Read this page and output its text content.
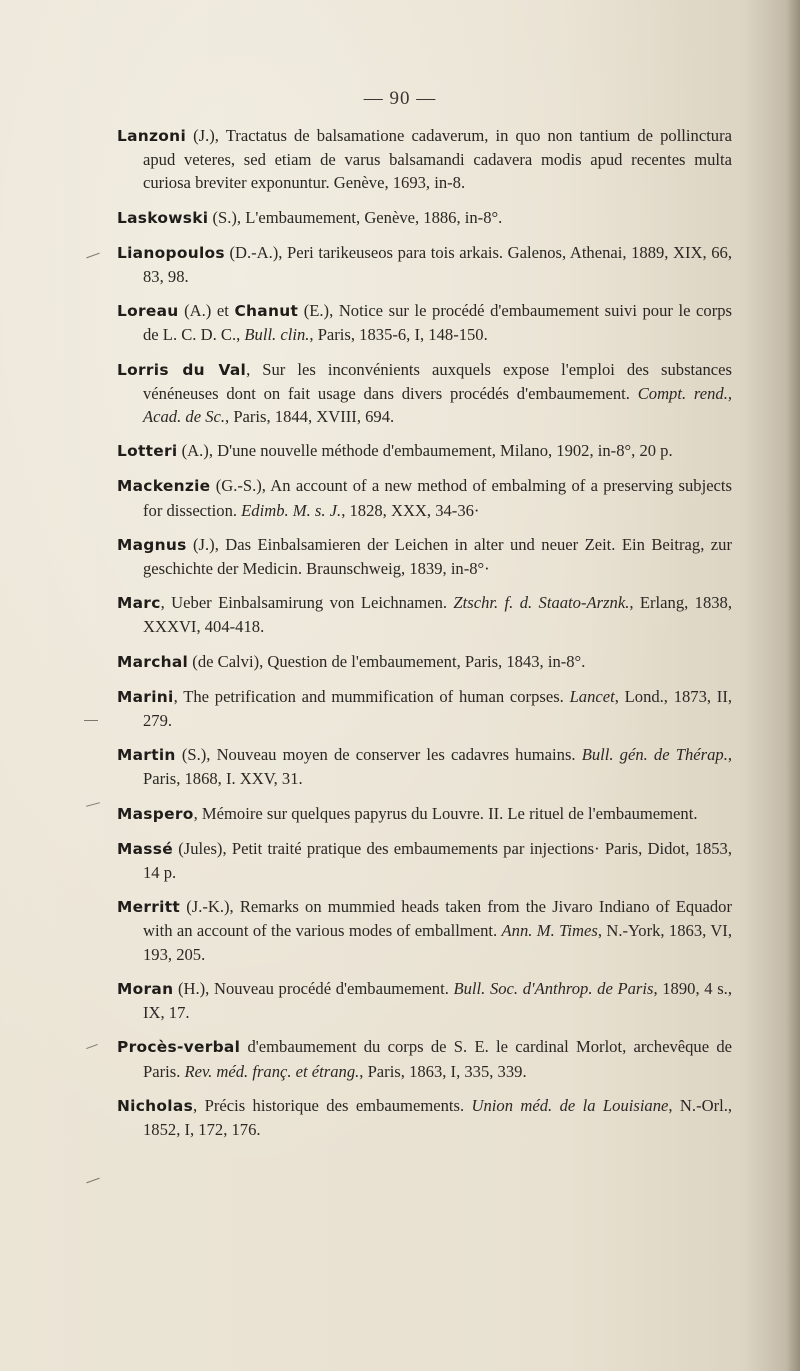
— 90 —

Lanzoni (J.), Tractatus de balsamatione cadaverum, in quo non tantium de pollinctura apud veteres, sed etiam de varus balsamandi cadavera modis apud recentes multa curiosa breviter exponuntur. Genève, 1693, in-8.

Laskowski (S.), L'embaumement, Genève, 1886, in-8°.

Lianopoulos (D.-A.), Peri tarikeuseos para tois arkais. Galenos, Athenai, 1889, XIX, 66, 83, 98.

Loreau (A.) et Chanut (E.), Notice sur le procédé d'embaumement suivi pour le corps de L. C. D. C., Bull. clin., Paris, 1835-6, I, 148-150.

Lorris du Val, Sur les inconvénients auxquels expose l'emploi des substances vénéneuses dont on fait usage dans divers procédés d'embaumement. Compt. rend., Acad. de Sc., Paris, 1844, XVIII, 694.

Lotteri (A.), D'une nouvelle méthode d'embaumement, Milano, 1902, in-8°, 20 p.

Mackenzie (G.-S.), An account of a new method of embalming of a preserving subjects for dissection. Edimb. M. s. J., 1828, XXX, 34-36·

Magnus (J.), Das Einbalsamieren der Leichen in alter und neuer Zeit. Ein Beitrag, zur geschichte der Medicin. Braunschweig, 1839, in-8°·

Marc, Ueber Einbalsamirung von Leichnamen. Ztschr. f. d. Staato-Arznk., Erlang, 1838, XXXVI, 404-418.

Marchal (de Calvi), Question de l'embaumement, Paris, 1843, in-8°.

Marini, The petrification and mummification of human corpses. Lancet, Lond., 1873, II, 279.

Martin (S.), Nouveau moyen de conserver les cadavres humains. Bull. gén. de Thérap., Paris, 1868, I. XXV, 31.

Maspero, Mémoire sur quelques papyrus du Louvre. II. Le rituel de l'embaumement.

Massé (Jules), Petit traité pratique des embaumements par injections· Paris, Didot, 1853, 14 p.

Merritt (J.-K.), Remarks on mummied heads taken from the Jivaro Indiano of Equador with an account of the various modes of emballment. Ann. M. Times, N.-York, 1863, VI, 193, 205.

Moran (H.), Nouveau procédé d'embaumement. Bull. Soc. d'Anthrop. de Paris, 1890, 4 s., IX, 17.

Procès-verbal d'embaumement du corps de S. E. le cardinal Morlot, archevêque de Paris. Rev. méd. franç. et étrang., Paris, 1863, I, 335, 339.

Nicholas, Précis historique des embaumements. Union méd. de la Louisiane, N.-Orl., 1852, I, 172, 176.
